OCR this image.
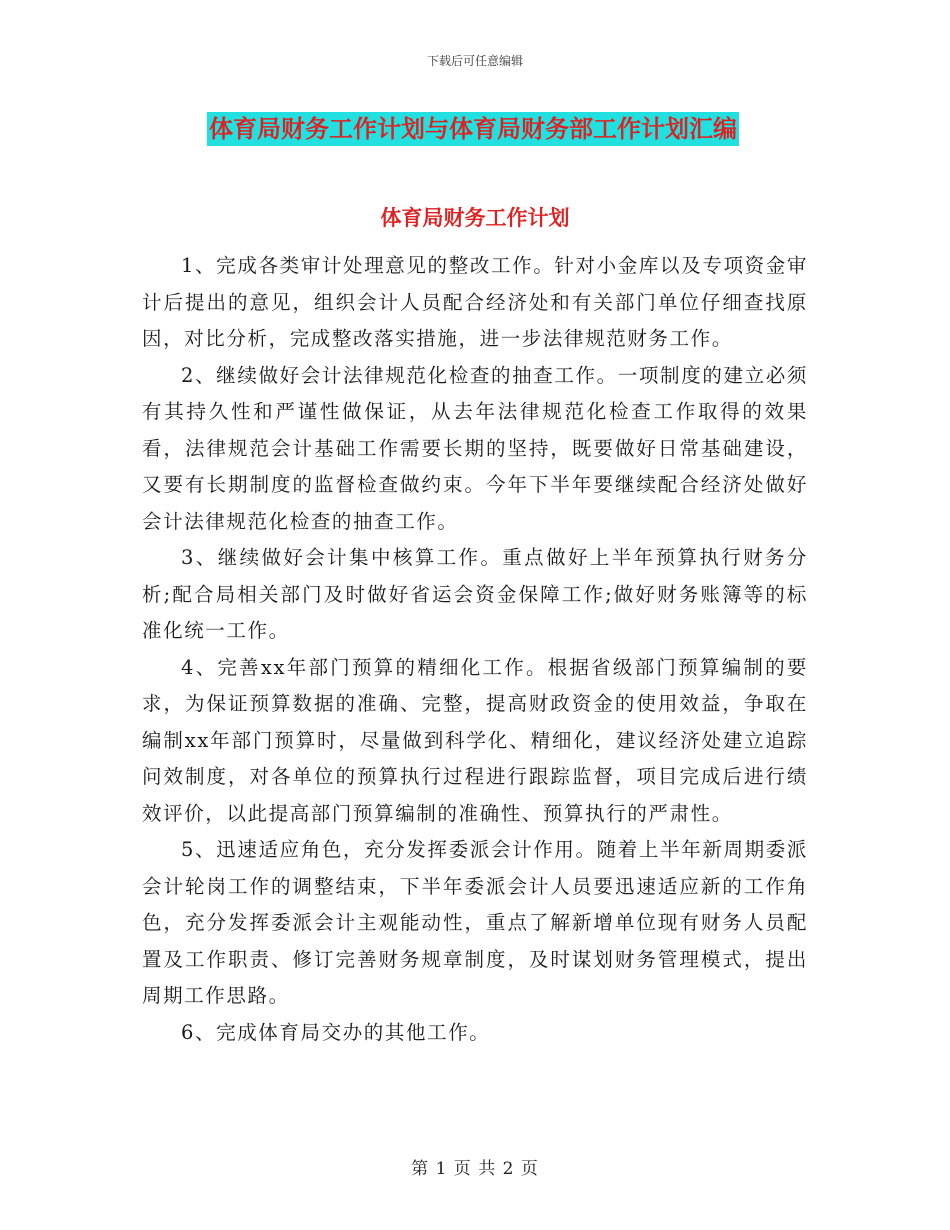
下载后可任意编辑
体育局财务工作计划与体育局财务部工作计划汇编
体育局财务工作计划

1、完成各类审计处理意见的整改工作。针对小金库以及专项资金审计后提出的意见，组织会计人员配合经济处和有关部门单位仔细查找原因，对比分析，完成整改落实措施，进一步法律规范财务工作。

2、继续做好会计法律规范化检查的抽查工作。一项制度的建立必须有其持久性和严谨性做保证，从去年法律规范化检查工作取得的效果看，法律规范会计基础工作需要长期的坚持，既要做好日常基础建设，又要有长期制度的监督检查做约束。今年下半年要继续配合经济处做好会计法律规范化检查的抽查工作。

3、继续做好会计集中核算工作。重点做好上半年预算执行财务分析;配合局相关部门及时做好省运会资金保障工作;做好财务账簿等的标准化统一工作。

4、完善xx年部门预算的精细化工作。根据省级部门预算编制的要求，为保证预算数据的准确、完整，提高财政资金的使用效益，争取在编制xx年部门预算时，尽量做到科学化、精细化，建议经济处建立追踪问效制度，对各单位的预算执行过程进行跟踪监督，项目完成后进行绩效评价，以此提高部门预算编制的准确性、预算执行的严肃性。

5、迅速适应角色，充分发挥委派会计作用。随着上半年新周期委派会计轮岗工作的调整结束，下半年委派会计人员要迅速适应新的工作角色，充分发挥委派会计主观能动性，重点了解新增单位现有财务人员配置及工作职责、修订完善财务规章制度，及时谋划财务管理模式，提出周期工作思路。

6、完成体育局交办的其他工作。

第 1 页 共 2 页
